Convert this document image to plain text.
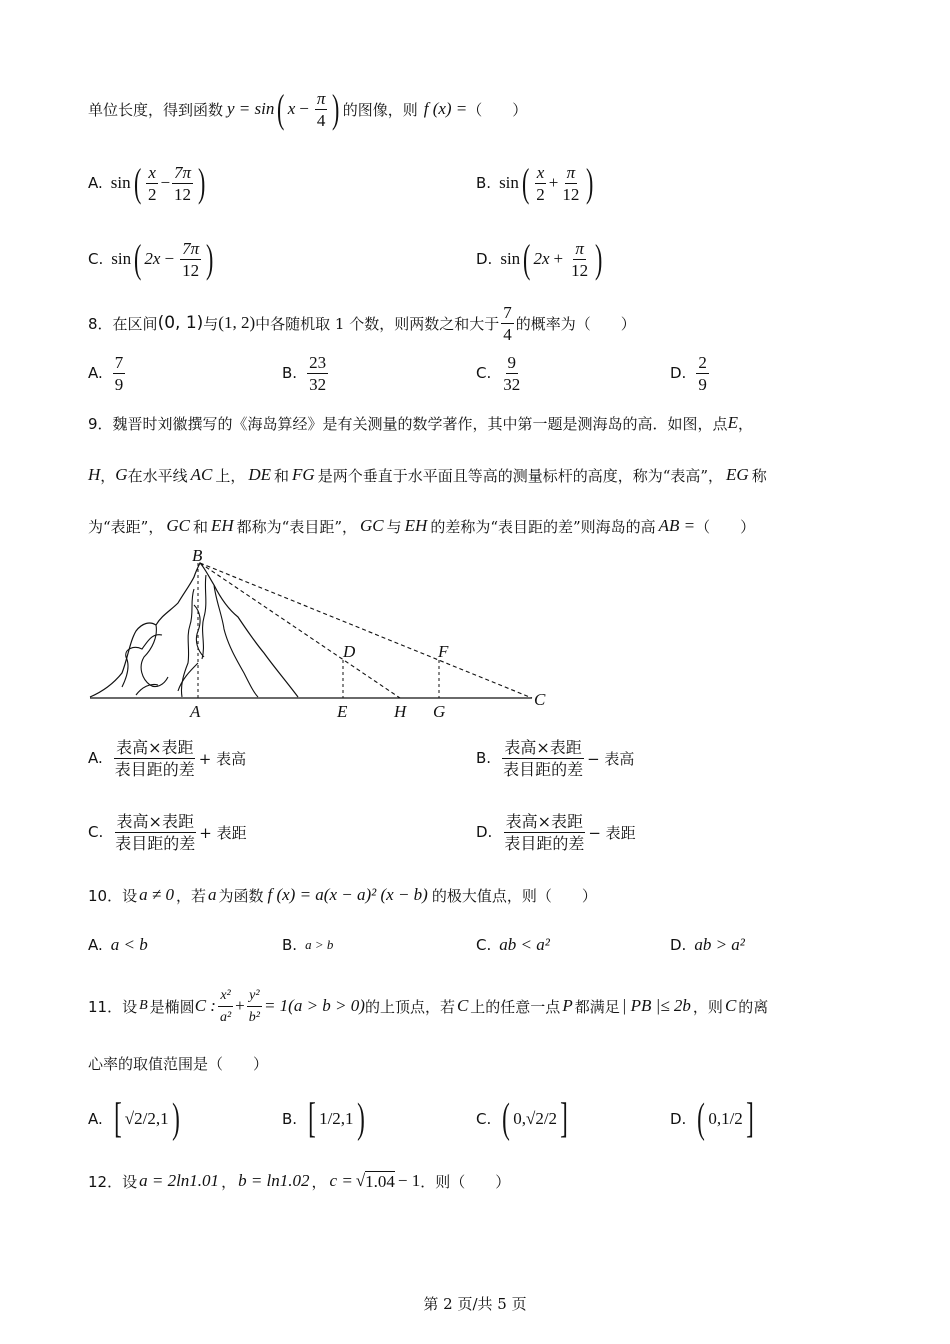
单位长度，得到函数 y = sin ( $x - \frac{\pi}{4}$ ) 的图像，则 f (x) = （　　）
A. sin ( $\frac{x}{2} - \frac{7\pi}{12}$ )	B. sin ( $\frac{x}{2} + \frac{\pi}{12}$ )
C. sin ( $2x - \frac{7\pi}{12}$ )	D. sin ( $2x + \frac{\pi}{12}$ )
8． 在区间 (0, 1) 与 (1, 2) 中各随机取 1 个数，则两数之和大于 $\frac{7}{4}$ 的概率为（　　）
A. $\frac{7}{9}$	B. $\frac{23}{32}$	C. $\frac{9}{32}$	D. $\frac{2}{9}$
9． 魏晋时刘徽撰写的《海岛算经》是有关测量的数学著作，其中第一题是测海岛的高．如图，点 E ，
H ， G 在水平线 AC 上， DE 和 FG 是两个垂直于水平面且等高的测量标杆的高度，称为“表高”， EG 称
为“表距”， GC 和 EH 都称为“表目距”， GC 与 EH 的差称为“表目距的差”则海岛的高 AB = （　　）
B
D	F
C
A	E	H G
A. $\frac{\text{表高×表距}}{\text{表目距的差}}$ + 表高	B. $\frac{\text{表高×表距}}{\text{表目距的差}}$ − 表高
C. $\frac{\text{表高×表距}}{\text{表目距的差}}$ + 表距	D. $\frac{\text{表高×表距}}{\text{表目距的差}}$ − 表距
10． 设 a ≠ 0 ，若 a 为函数 f (x) = a(x − a)² (x − b) 的极大值点，则（　　）
A. a < b	B. a > b	C. ab < a²	D. ab > a²
11． 设 B 是椭圆 C : $\frac{\text{x²}}{\text{a²}} + \frac{\text{y²}}{\text{b²}} = 1(a > b > 0)$ 的上顶点，若 C 上的任意一点 P 都满足 | PB |≤ 2b ，则 C 的离
心率的取值范围是（　　）
A. [ √2/2 , 1 )	B. [ 1/2 , 1 )	C. ( 0 , √2/2 ]	D. ( 0 , 1/2 ]
12． 设 a = 2ln1.01 ， b = ln1.02 ， c = √ 1.04 − 1 ．则（　　）
第 2 页/共 5 页
